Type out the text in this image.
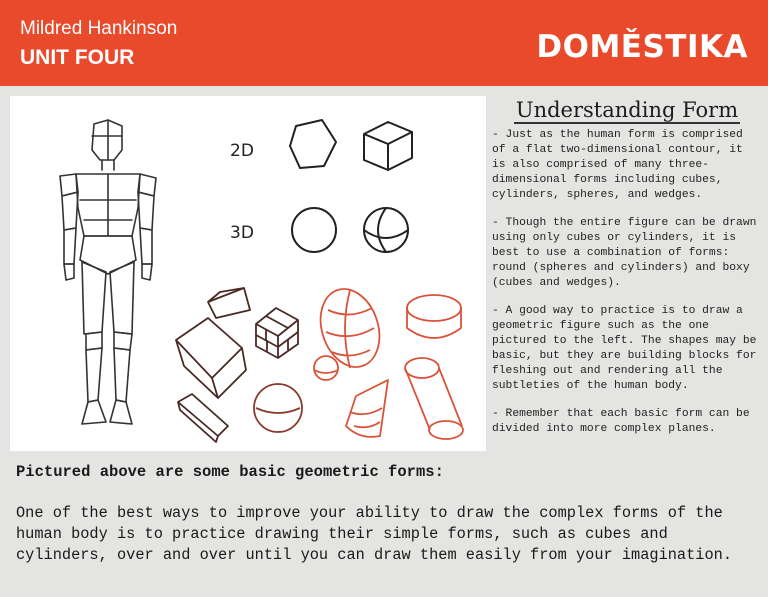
Mildred Hankinson
UNIT FOUR	DOMĚSTIKA
2D
3D
Understanding Form

- Just as the human form is comprised of a flat two-dimensional contour, it is also comprised of many three-dimensional forms including cubes, cylinders, spheres, and wedges.

- Though the entire figure can be drawn using only cubes or cylinders, it is best to use a combination of forms: round (spheres and cylinders) and boxy (cubes and wedges).

- A good way to practice is to draw a geometric figure such as the one pictured to the left. The shapes may be basic, but they are building blocks for fleshing out and rendering all the subtleties of the human body.

- Remember that each basic form can be divided into more complex planes.

Pictured above are some basic geometric forms:
One of the best ways to improve your ability to draw the complex forms of the human body is to practice drawing their simple forms, such as cubes and cylinders, over and over until you can draw them easily from your imagination.
